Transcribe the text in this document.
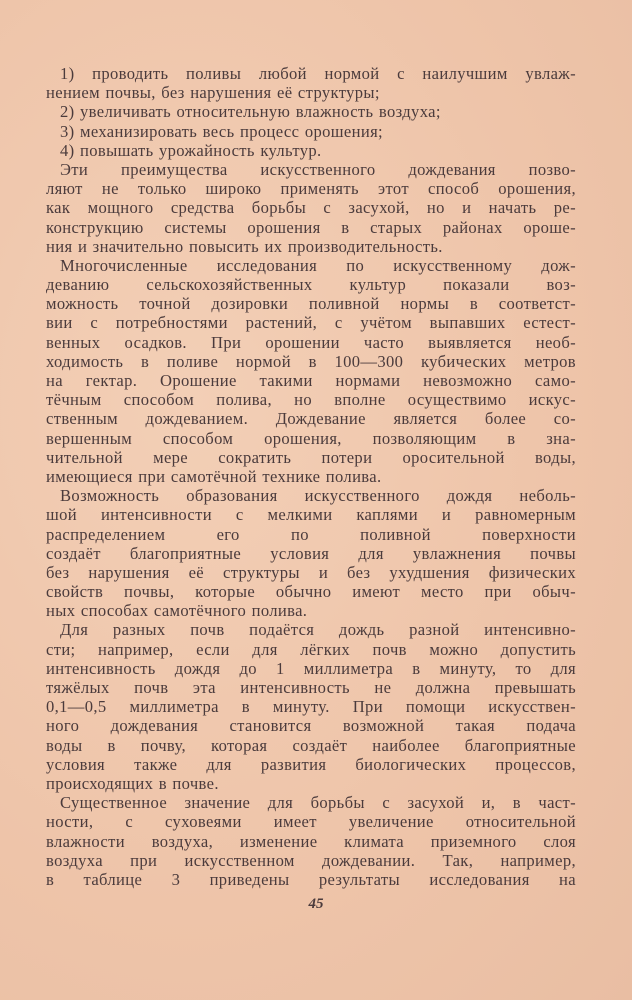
1) проводить поливы любой нормой с наилучшим увлаж-
нением почвы, без нарушения её структуры;
2) увеличивать относительную влажность воздуха;
3) механизировать весь процесс орошения;
4) повышать урожайность культур.
Эти преимущества искусственного дождевания позво-
ляют не только широко применять этот способ орошения,
как мощного средства борьбы с засухой, но и начать ре-
конструкцию системы орошения в старых районах ороше-
ния и значительно повысить их производительность.
Многочисленные исследования по искусственному дож-
деванию сельскохозяйственных культур показали воз-
можность точной дозировки поливной нормы в соответст-
вии с потребностями растений, с учётом выпавших естест-
венных осадков. При орошении часто выявляется необ-
ходимость в поливе нормой в 100—300 кубических метров
на гектар. Орошение такими нормами невозможно само-
тёчным способом полива, но вполне осуществимо искус-
ственным дождеванием. Дождевание является более со-
вершенным способом орошения, позволяющим в зна-
чительной мере сократить потери оросительной воды,
имеющиеся при самотёчной технике полива.
Возможность образования искусственного дождя неболь-
шой интенсивности с мелкими каплями и равномерным
распределением его по поливной поверхности
создаёт благоприятные условия для увлажнения почвы
без нарушения её структуры и без ухудшения физических
свойств почвы, которые обычно имеют место при обыч-
ных способах самотёчного полива.
Для разных почв подаётся дождь разной интенсивно-
сти; например, если для лёгких почв можно допустить
интенсивность дождя до 1 миллиметра в минуту, то для
тяжёлых почв эта интенсивность не должна превышать
0,1—0,5 миллиметра в минуту. При помощи искусствен-
ного дождевания становится возможной такая подача
воды в почву, которая создаёт наиболее благоприятные
условия также для развития биологических процессов,
происходящих в почве.
Существенное значение для борьбы с засухой и, в част-
ности, с суховеями имеет увеличение относительной
влажности воздуха, изменение климата приземного слоя
воздуха при искусственном дождевании. Так, например,
в таблице 3 приведены результаты исследования на
45
